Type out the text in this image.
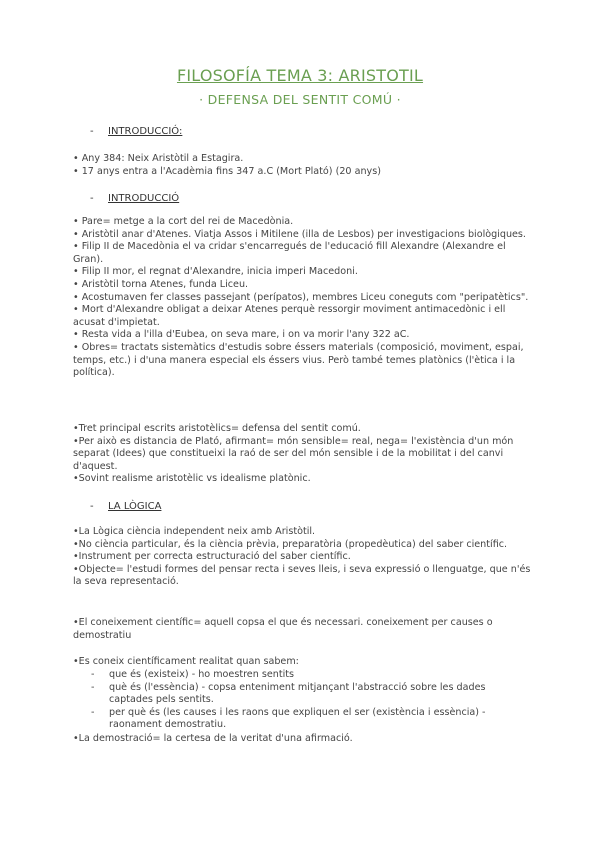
FILOSOFÍA TEMA 3: ARISTOTIL
· DEFENSA DEL SENTIT COMÚ ·
- INTRODUCCIÓ:

• Any 384: Neix Aristòtil a Estagira.

• 17 anys entra a l'Acadèmia fins 347 a.C (Mort Plató) (20 anys)

- INTRODUCCIÓ

• Pare= metge a la cort del rei de Macedònia.

• Aristòtil anar d'Atenes. Viatja Assos i Mitilene (illa de Lesbos) per investigacions biològiques.

• Filip II de Macedònia el va cridar s'encarregués de l'educació fill Alexandre (Alexandre el Gran).

• Filip II mor, el regnat d'Alexandre, inicia imperi Macedoni.

• Aristòtil torna Atenes, funda Liceu.

• Acostumaven fer classes passejant (perípatos), membres Liceu coneguts com "peripatètics".

• Mort d'Alexandre obligat a deixar Atenes perquè ressorgir moviment antimacedònic i ell acusat d'impietat.

• Resta vida a l'illa d'Eubea, on seva mare, i on va morir l'any 322 aC.

• Obres= tractats sistemàtics d'estudis sobre éssers materials (composició, moviment, espai, temps, etc.) i d'una manera especial els éssers vius. Però també temes platònics (l'ètica i la política).

•Tret principal escrits aristotèlics= defensa del sentit comú.

•Per això es distancia de Plató, afirmant= món sensible= real, nega= l'existència d'un món separat (Idees) que constitueixi la raó de ser del món sensible i de la mobilitat i del canvi d'aquest.

•Sovint realisme aristotèlic vs idealisme platònic.

- LA LÒGICA

•La Lògica ciència independent neix amb Aristòtil.

•No ciència particular, és la ciència prèvia, preparatòria (propedèutica) del saber científic.

•Instrument per correcta estructuració del saber científic.

•Objecte= l'estudi formes del pensar recta i seves lleis, i seva expressió o llenguatge, que n'és la seva representació.

•El coneixement científic= aquell copsa el que és necessari. coneixement per causes o demostratiu

•Es coneix científicament realitat quan sabem:

-	que és (existeix) - ho moestren sentits
-	què és (l'essència) - copsa enteniment mitjançant l'abstracció sobre les dades captades pels sentits.
-	per què és (les causes i les raons que expliquen el ser (existència i essència) - raonament demostratiu.

•La demostració= la certesa de la veritat d'una afirmació.
